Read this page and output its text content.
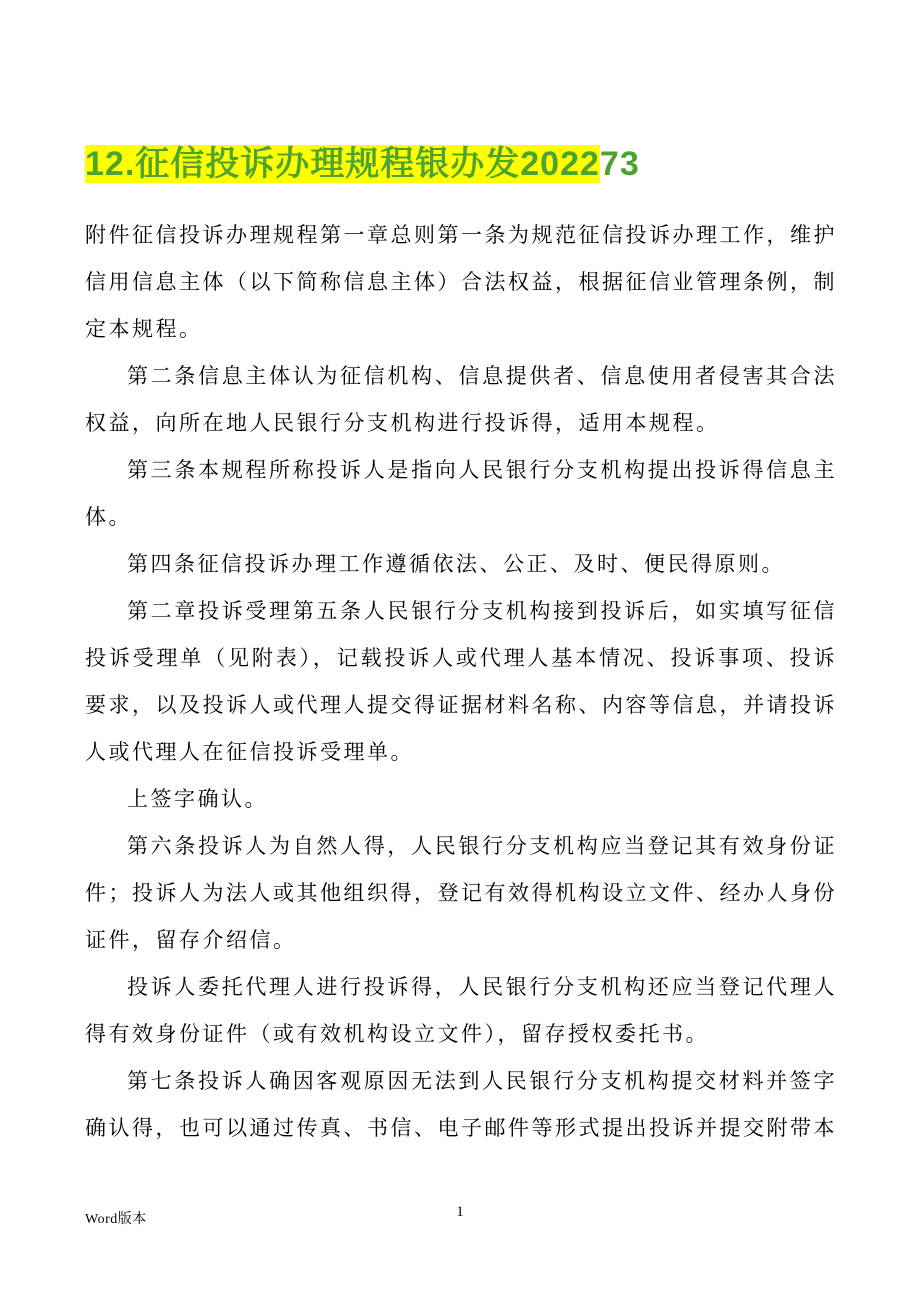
12.征信投诉办理规程银办发202273

附件征信投诉办理规程第一章总则第一条为规范征信投诉办理工作，维护信用信息主体（以下简称信息主体）合法权益，根据征信业管理条例，制定本规程。

第二条信息主体认为征信机构、信息提供者、信息使用者侵害其合法权益，向所在地人民银行分支机构进行投诉得，适用本规程。

第三条本规程所称投诉人是指向人民银行分支机构提出投诉得信息主体。

第四条征信投诉办理工作遵循依法、公正、及时、便民得原则。

第二章投诉受理第五条人民银行分支机构接到投诉后，如实填写征信投诉受理单（见附表），记载投诉人或代理人基本情况、投诉事项、投诉要求，以及投诉人或代理人提交得证据材料名称、内容等信息，并请投诉人或代理人在征信投诉受理单。

上签字确认。

第六条投诉人为自然人得，人民银行分支机构应当登记其有效身份证件；投诉人为法人或其他组织得，登记有效得机构设立文件、经办人身份证件，留存介绍信。

投诉人委托代理人进行投诉得，人民银行分支机构还应当登记代理人得有效身份证件（或有效机构设立文件），留存授权委托书。

第七条投诉人确因客观原因无法到人民银行分支机构提交材料并签字确认得，也可以通过传真、书信、电子邮件等形式提出投诉并提交附带本

Word版本	1
